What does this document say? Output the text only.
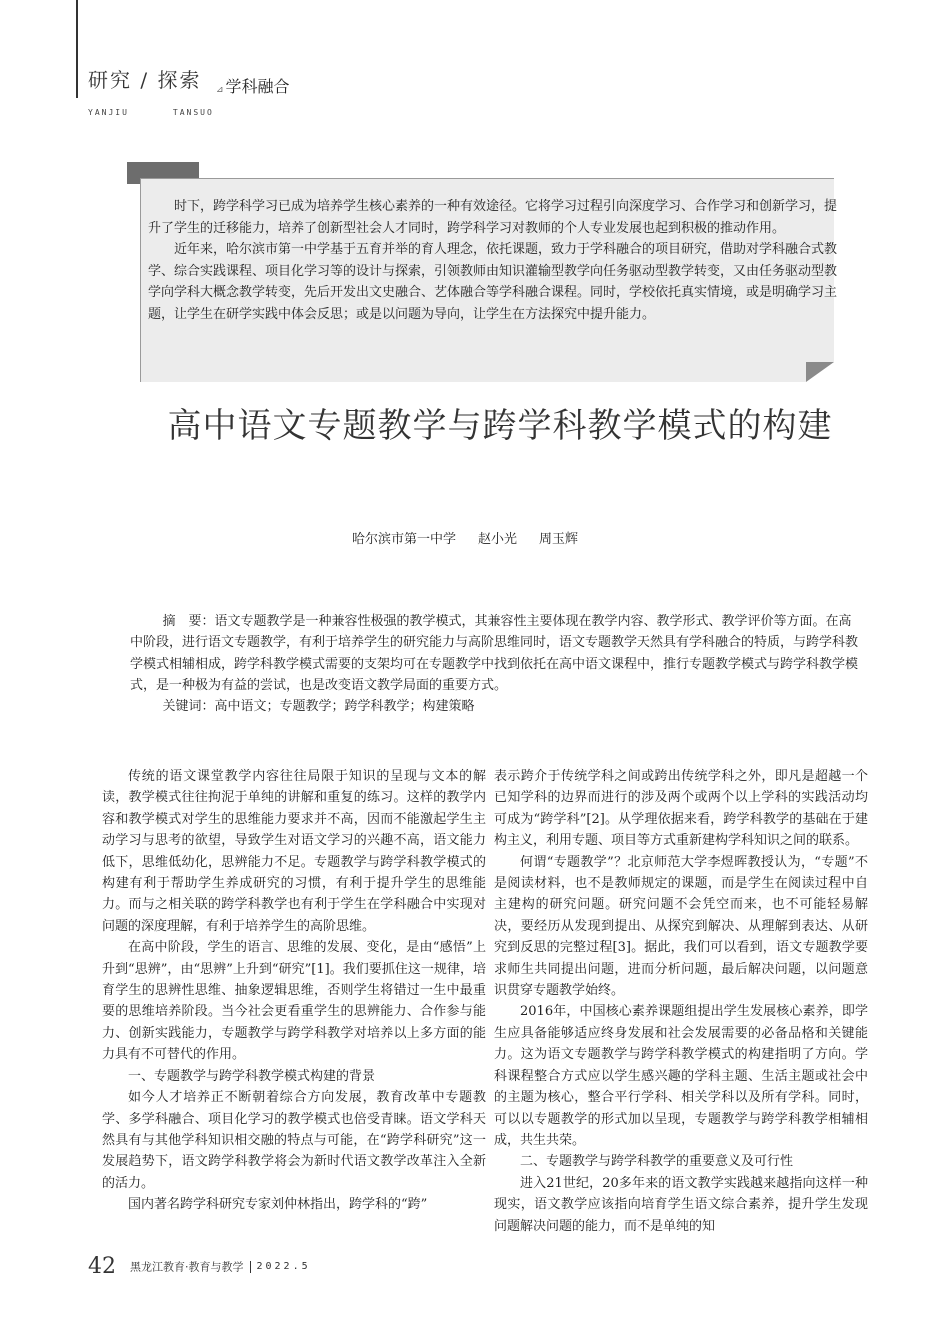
研究 / 探索 ⊿ 学科融合
YANJIU	TANSUO

时下，跨学科学习已成为培养学生核心素养的一种有效途径。它将学习过程引向深度学习、合作学习和创新学习，提升了学生的迁移能力，培养了创新型社会人才同时，跨学科学习对教师的个人专业发展也起到积极的推动作用。

近年来，哈尔滨市第一中学基于五育并举的育人理念，依托课题，致力于学科融合的项目研究，借助对学科融合式教学、综合实践课程、项目化学习等的设计与探索，引领教师由知识灌输型教学向任务驱动型教学转变，又由任务驱动型教学向学科大概念教学转变，先后开发出文史融合、艺体融合等学科融合课程。同时，学校依托真实情境，或是明确学习主题，让学生在研学实践中体会反思；或是以问题为导向，让学生在方法探究中提升能力。

高中语文专题教学与跨学科教学模式的构建
哈尔滨市第一中学 赵小光 周玉辉

摘　要：语文专题教学是一种兼容性极强的教学模式，其兼容性主要体现在教学内容、教学形式、教学评价等方面。在高中阶段，进行语文专题教学，有利于培养学生的研究能力与高阶思维同时，语文专题教学天然具有学科融合的特质，与跨学科教学模式相辅相成，跨学科教学模式需要的支架均可在专题教学中找到依托在高中语文课程中，推行专题教学模式与跨学科教学模式，是一种极为有益的尝试，也是改变语文教学局面的重要方式。

关键词：高中语文；专题教学；跨学科教学；构建策略

传统的语文课堂教学内容往往局限于知识的呈现与文本的解读，教学模式往往拘泥于单纯的讲解和重复的练习。这样的教学内容和教学模式对学生的思维能力要求并不高，因而不能激起学生主动学习与思考的欲望，导致学生对语文学习的兴趣不高，语文能力低下，思维低幼化，思辨能力不足。专题教学与跨学科教学模式的构建有利于帮助学生养成研究的习惯，有利于提升学生的思维能力。而与之相关联的跨学科教学也有利于学生在学科融合中实现对问题的深度理解，有利于培养学生的高阶思维。

在高中阶段，学生的语言、思维的发展、变化，是由“感悟”上升到“思辨”，由“思辨”上升到“研究”[1]。我们要抓住这一规律，培育学生的思辨性思维、抽象逻辑思维，否则学生将错过一生中最重要的思维培养阶段。当今社会更看重学生的思辨能力、合作参与能力、创新实践能力，专题教学与跨学科教学对培养以上多方面的能力具有不可替代的作用。

一、专题教学与跨学科教学模式构建的背景

如今人才培养正不断朝着综合方向发展，教育改革中专题教学、多学科融合、项目化学习的教学模式也倍受青睐。语文学科天然具有与其他学科知识相交融的特点与可能，在“跨学科研究”这一发展趋势下，语文跨学科教学将会为新时代语文教学改革注入全新的活力。

国内著名跨学科研究专家刘仲林指出，跨学科的“跨”

表示跨介于传统学科之间或跨出传统学科之外，即凡是超越一个已知学科的边界而进行的涉及两个或两个以上学科的实践活动均可成为“跨学科”[2]。从学理依据来看，跨学科教学的基础在于建构主义，利用专题、项目等方式重新建构学科知识之间的联系。

何谓“专题教学”？北京师范大学李煜晖教授认为，“专题”不是阅读材料，也不是教师规定的课题，而是学生在阅读过程中自主建构的研究问题。研究问题不会凭空而来，也不可能轻易解决，要经历从发现到提出、从探究到解决、从理解到表达、从研究到反思的完整过程[3]。据此，我们可以看到，语文专题教学要求师生共同提出问题，进而分析问题，最后解决问题，以问题意识贯穿专题教学始终。

2016年，中国核心素养课题组提出学生发展核心素养，即学生应具备能够适应终身发展和社会发展需要的必备品格和关键能力。这为语文专题教学与跨学科教学模式的构建指明了方向。学科课程整合方式应以学生感兴趣的学科主题、生活主题或社会中的主题为核心，整合平行学科、相关学科以及所有学科。同时，可以以专题教学的形式加以呈现，专题教学与跨学科教学相辅相成，共生共荣。

二、专题教学与跨学科教学的重要意义及可行性

进入21世纪，20多年来的语文教学实践越来越指向这样一种现实，语文教学应该指向培育学生语文综合素养，提升学生发现问题解决问题的能力，而不是单纯的知

42 黑龙江教育·教育与教学 2022.5
